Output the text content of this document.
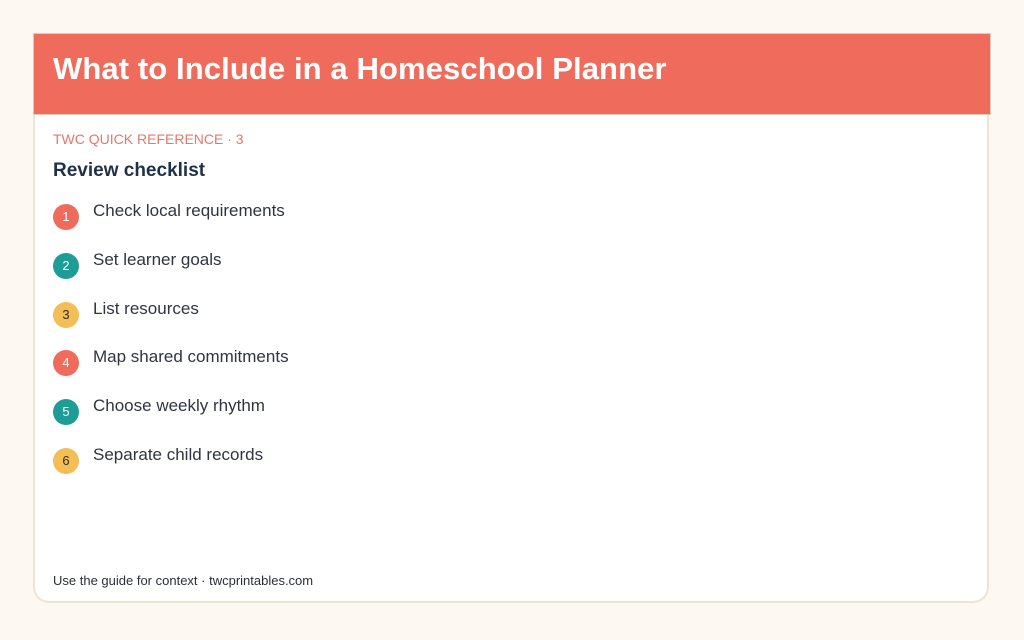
What to Include in a Homeschool Planner
TWC QUICK REFERENCE · 3
Review checklist
1	Check local requirements
2	Set learner goals
3	List resources
4	Map shared commitments
5	Choose weekly rhythm
6	Separate child records
Use the guide for context · twcprintables.com
